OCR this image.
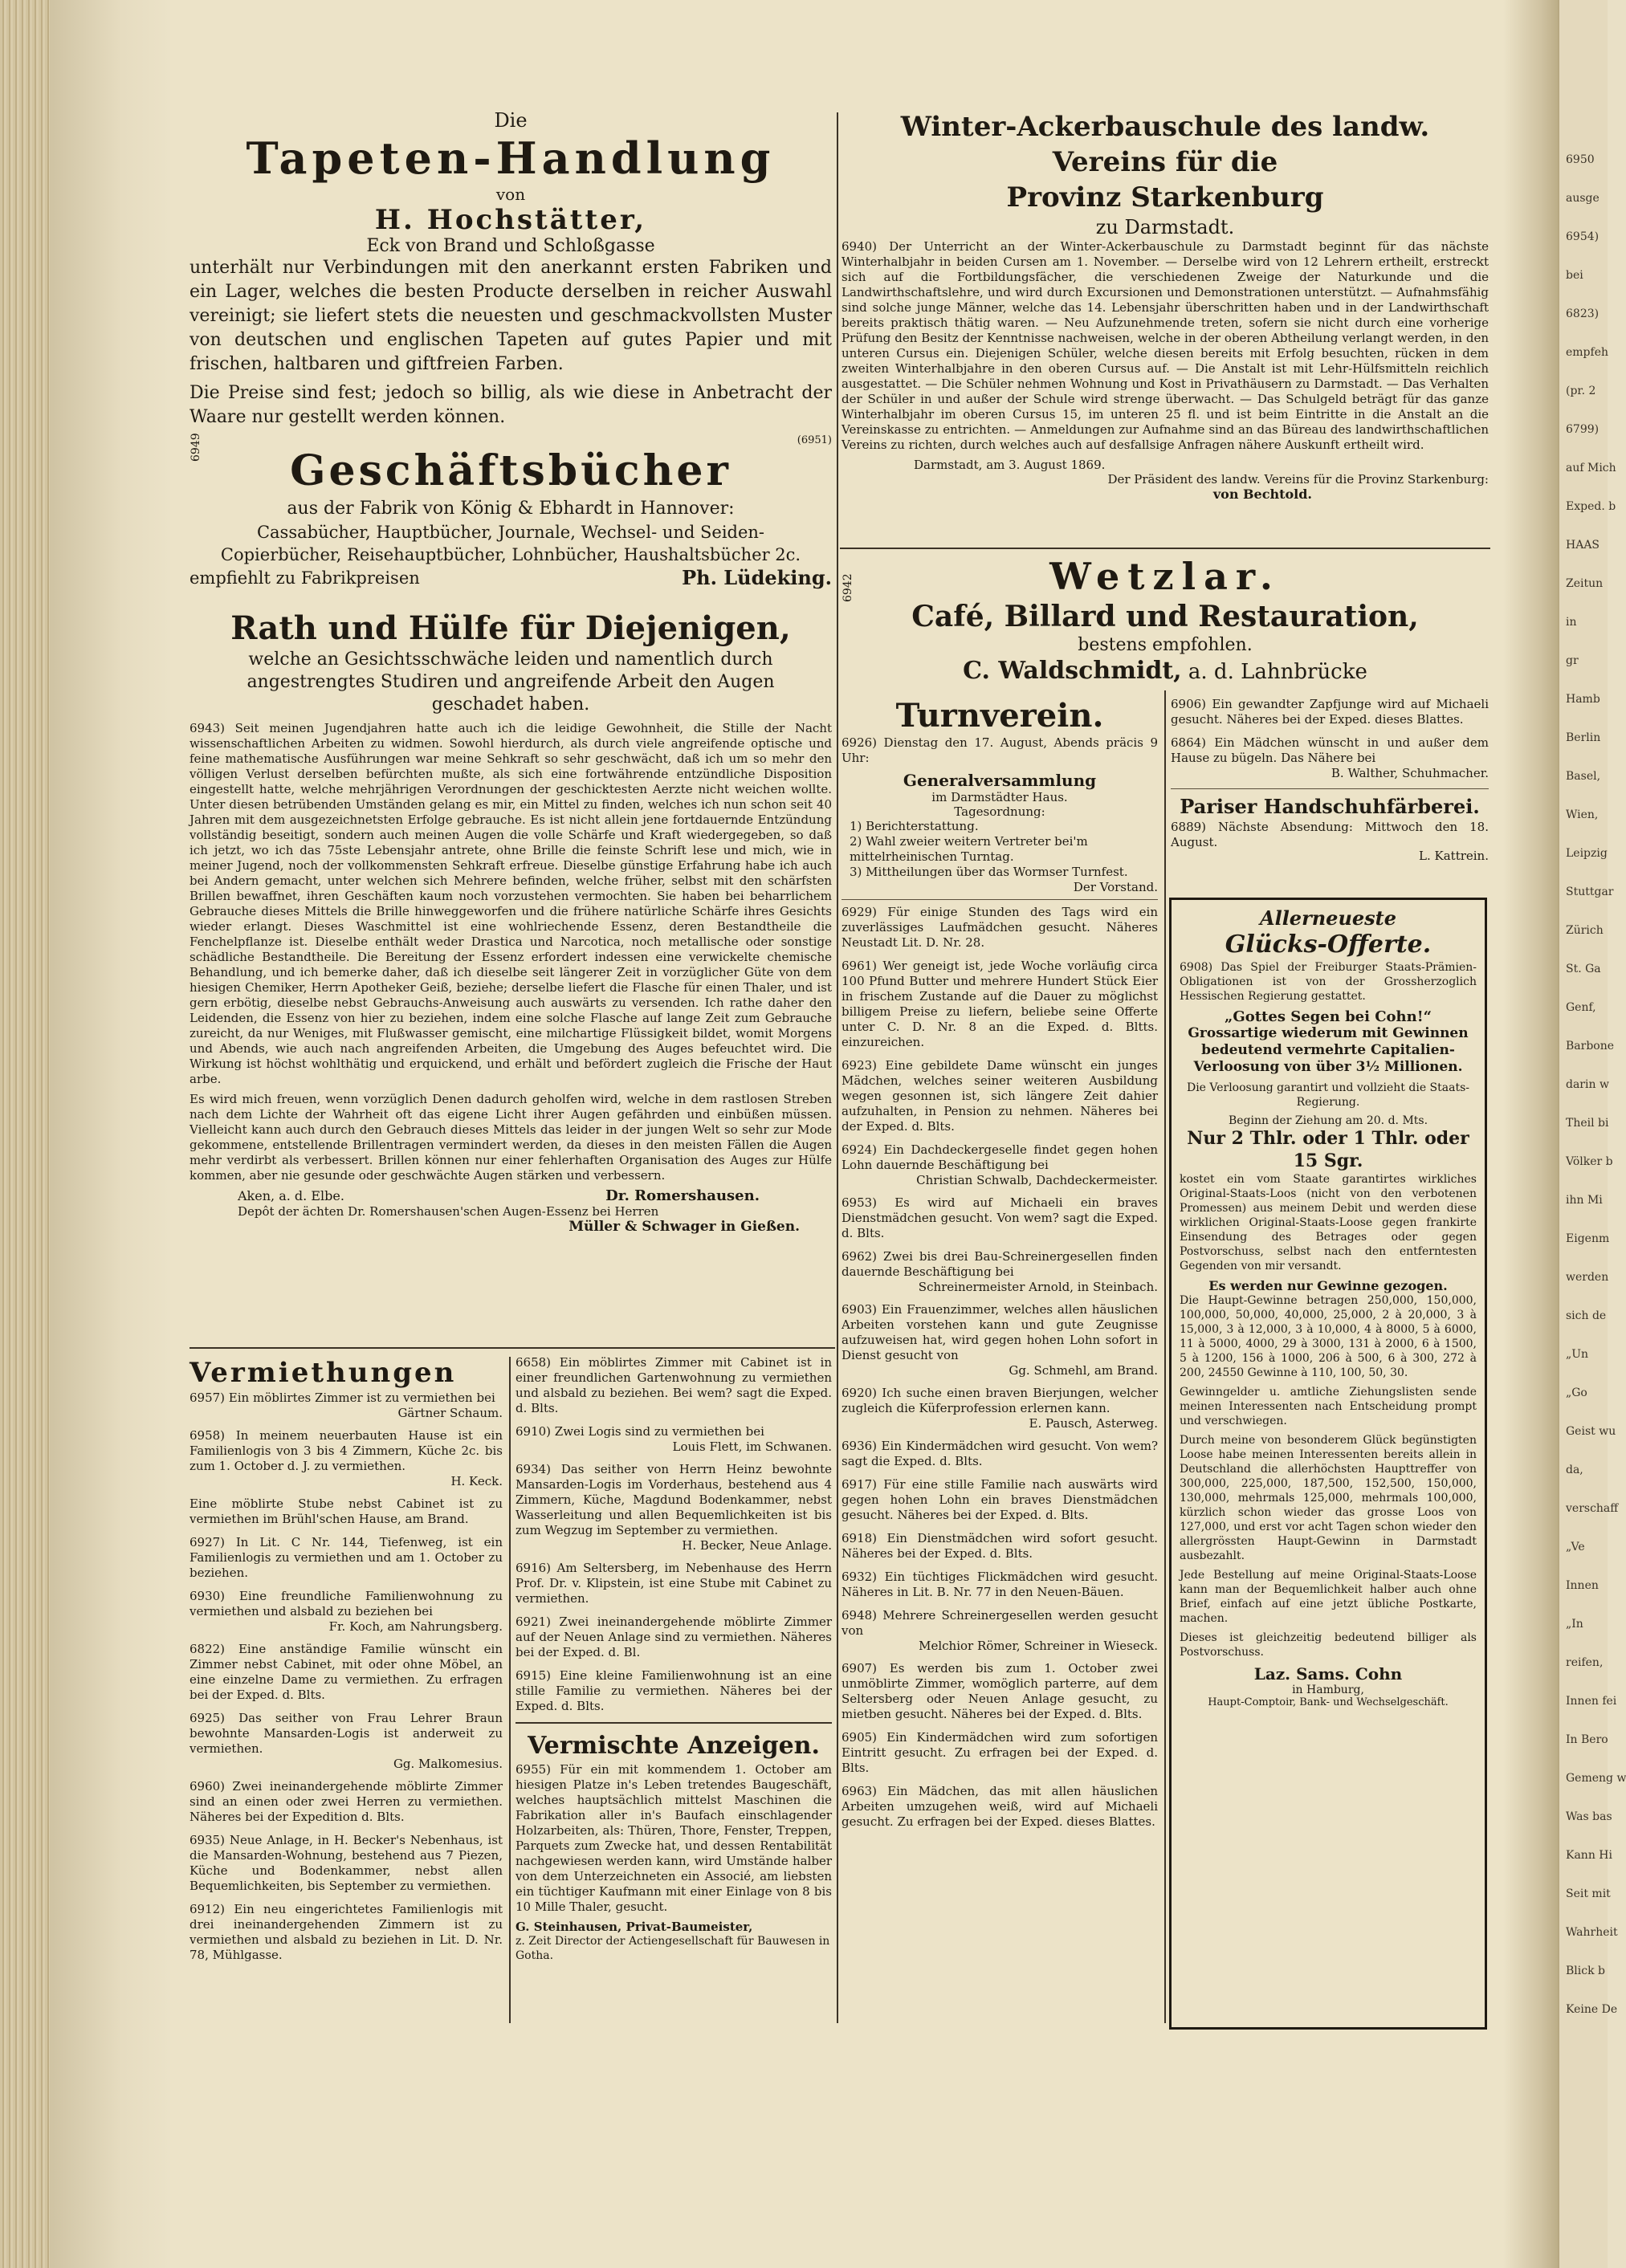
6950

ausge

6954)

bei

6823)

empfeh

(pr. 2

6799)

auf Mich

Exped. b

HAAS

Zeitun

in

gr

Hamb

Berlin

Basel,

Wien,

Leipzig

Stuttgar

Zürich

St. Ga

Genf,

Barbone

darin w

Theil bi

Völker b

ihn Mi

Eigenm

werden

sich de

„Un

„Go

Geist wu

da,

verschaff

„Ve

Innen

„In

reifen,

Innen fei

In Bero

Gemeng w

Was bas

Kann Hi

Seit mit

Wahrheit

Blick b

Keine De

Die
Tapeten-Handlung
von
H. Hochstätter,
Eck von Brand und Schloßgasse

unterhält nur Verbindungen mit den anerkannt ersten Fabriken und ein Lager, welches die besten Producte derselben in reicher Auswahl vereinigt; sie liefert stets die neuesten und geschmackvollsten Muster von deutschen und englischen Tapeten auf gutes Papier und mit frischen, haltbaren und giftfreien Farben.

Die Preise sind fest; jedoch so billig, als wie diese in Anbetracht der Waare nur gestellt werden können.

(6951)
6949	Geschäftsbücher
aus der Fabrik von König & Ebhardt in Hannover:
Cassabücher, Hauptbücher, Journale, Wechsel- und Seiden-Copierbücher, Reisehauptbücher, Lohnbücher, Haushaltsbücher 2c.
empfiehlt zu Fabrikpreisen	Ph. Lüdeking.
Rath und Hülfe für Diejenigen,
welche an Gesichtsschwäche leiden und namentlich durch angestrengtes Studiren und angreifende Arbeit den Augen geschadet haben.

6943) Seit meinen Jugendjahren hatte auch ich die leidige Gewohnheit, die Stille der Nacht wissenschaftlichen Arbeiten zu widmen. Sowohl hierdurch, als durch viele angreifende optische und feine mathematische Ausführungen war meine Sehkraft so sehr geschwächt, daß ich um so mehr den völligen Verlust derselben befürchten mußte, als sich eine fortwährende entzündliche Disposition eingestellt hatte, welche mehrjährigen Verordnungen der geschicktesten Aerzte nicht weichen wollte. Unter diesen betrübenden Umständen gelang es mir, ein Mittel zu finden, welches ich nun schon seit 40 Jahren mit dem ausgezeichnetsten Erfolge gebrauche. Es ist nicht allein jene fortdauernde Entzündung vollständig beseitigt, sondern auch meinen Augen die volle Schärfe und Kraft wiedergegeben, so daß ich jetzt, wo ich das 75ste Lebensjahr antrete, ohne Brille die feinste Schrift lese und mich, wie in meiner Jugend, noch der vollkommensten Sehkraft erfreue. Dieselbe günstige Erfahrung habe ich auch bei Andern gemacht, unter welchen sich Mehrere befinden, welche früher, selbst mit den schärfsten Brillen bewaffnet, ihren Geschäften kaum noch vorzustehen vermochten. Sie haben bei beharrlichem Gebrauche dieses Mittels die Brille hinweggeworfen und die frühere natürliche Schärfe ihres Gesichts wieder erlangt. Dieses Waschmittel ist eine wohlriechende Essenz, deren Bestandtheile die Fenchelpflanze ist. Dieselbe enthält weder Drastica und Narcotica, noch metallische oder sonstige schädliche Bestandtheile. Die Bereitung der Essenz erfordert indessen eine verwickelte chemische Behandlung, und ich bemerke daher, daß ich dieselbe seit längerer Zeit in vorzüglicher Güte von dem hiesigen Chemiker, Herrn Apotheker Geiß, beziehe; derselbe liefert die Flasche für einen Thaler, und ist gern erbötig, dieselbe nebst Gebrauchs-Anweisung auch auswärts zu versenden. Ich rathe daher den Leidenden, die Essenz von hier zu beziehen, indem eine solche Flasche auf lange Zeit zum Gebrauche zureicht, da nur Weniges, mit Flußwasser gemischt, eine milchartige Flüssigkeit bildet, womit Morgens und Abends, wie auch nach angreifenden Arbeiten, die Umgebung des Auges befeuchtet wird. Die Wirkung ist höchst wohlthätig und erquickend, und erhält und befördert zugleich die Frische der Haut arbe.

Es wird mich freuen, wenn vorzüglich Denen dadurch geholfen wird, welche in dem rastlosen Streben nach dem Lichte der Wahrheit oft das eigene Licht ihrer Augen gefährden und einbüßen müssen. Vielleicht kann auch durch den Gebrauch dieses Mittels das leider in der jungen Welt so sehr zur Mode gekommene, entstellende Brillentragen vermindert werden, da dieses in den meisten Fällen die Augen mehr verdirbt als verbessert. Brillen können nur einer fehlerhaften Organisation des Auges zur Hülfe kommen, aber nie gesunde oder geschwächte Augen stärken und verbessern.

Aken, a. d. Elbe.	Dr. Romershausen.
Depôt der ächten Dr. Romershausen'schen Augen-Essenz bei Herren
Müller & Schwager in Gießen.
Vermiethungen

6957) Ein möblirtes Zimmer ist zu vermiethen bei

Gärtner Schaum.

6958) In meinem neuerbauten Hause ist ein Familienlogis von 3 bis 4 Zimmern, Küche 2c. bis zum 1. October d. J. zu vermiethen.

H. Keck.

Eine möblirte Stube nebst Cabinet ist zu vermiethen im Brühl'schen Hause, am Brand.

6927) In Lit. C Nr. 144, Tiefenweg, ist ein Familienlogis zu vermiethen und am 1. October zu beziehen.

6930) Eine freundliche Familienwohnung zu vermiethen und alsbald zu beziehen bei

Fr. Koch, am Nahrungsberg.

6822) Eine anständige Familie wünscht ein Zimmer nebst Cabinet, mit oder ohne Möbel, an eine einzelne Dame zu vermiethen. Zu erfragen bei der Exped. d. Blts.

6925) Das seither von Frau Lehrer Braun bewohnte Mansarden-Logis ist anderweit zu vermiethen.

Gg. Malkomesius.

6960) Zwei ineinandergehende möblirte Zimmer sind an einen oder zwei Herren zu vermiethen. Näheres bei der Expedition d. Blts.

6935) Neue Anlage, in H. Becker's Nebenhaus, ist die Mansarden-Wohnung, bestehend aus 7 Piezen, Küche und Bodenkammer, nebst allen Bequemlichkeiten, bis September zu vermiethen.

6912) Ein neu eingerichtetes Familienlogis mit drei ineinandergehenden Zimmern ist zu vermiethen und alsbald zu beziehen in Lit. D. Nr. 78, Mühlgasse.

6658) Ein möblirtes Zimmer mit Cabinet ist in einer freundlichen Gartenwohnung zu vermiethen und alsbald zu beziehen. Bei wem? sagt die Exped. d. Blts.

6910) Zwei Logis sind zu vermiethen bei

Louis Flett, im Schwanen.

6934) Das seither von Herrn Heinz bewohnte Mansarden-Logis im Vorderhaus, bestehend aus 4 Zimmern, Küche, Magdund Bodenkammer, nebst Wasserleitung und allen Bequemlichkeiten ist bis zum Wegzug im September zu vermiethen.

H. Becker, Neue Anlage.

6916) Am Seltersberg, im Nebenhause des Herrn Prof. Dr. v. Klipstein, ist eine Stube mit Cabinet zu vermiethen.

6921) Zwei ineinandergehende möblirte Zimmer auf der Neuen Anlage sind zu vermiethen. Näheres bei der Exped. d. Bl.

6915) Eine kleine Familienwohnung ist an eine stille Familie zu vermiethen. Näheres bei der Exped. d. Blts.

Vermischte Anzeigen.

6955) Für ein mit kommendem 1. October am hiesigen Platze in's Leben tretendes Baugeschäft, welches hauptsächlich mittelst Maschinen die Fabrikation aller in's Baufach einschlagender Holzarbeiten, als: Thüren, Thore, Fenster, Treppen, Parquets zum Zwecke hat, und dessen Rentabilität nachgewiesen werden kann, wird Umstände halber von dem Unterzeichneten ein Associé, am liebsten ein tüchtiger Kaufmann mit einer Einlage von 8 bis 10 Mille Thaler, gesucht.

G. Steinhausen, Privat-Baumeister,
z. Zeit Director der Actiengesellschaft für Bauwesen in Gotha.
Winter-Ackerbauschule des landw. Vereins für die
Provinz Starkenburg
zu Darmstadt.

6940) Der Unterricht an der Winter-Ackerbauschule zu Darmstadt beginnt für das nächste Winterhalbjahr in beiden Cursen am 1. November. — Derselbe wird von 12 Lehrern ertheilt, erstreckt sich auf die Fortbildungsfächer, die verschiedenen Zweige der Naturkunde und die Landwirthschaftslehre, und wird durch Excursionen und Demonstrationen unterstützt. — Aufnahmsfähig sind solche junge Männer, welche das 14. Lebensjahr überschritten haben und in der Landwirthschaft bereits praktisch thätig waren. — Neu Aufzunehmende treten, sofern sie nicht durch eine vorherige Prüfung den Besitz der Kenntnisse nachweisen, welche in der oberen Abtheilung verlangt werden, in den unteren Cursus ein. Diejenigen Schüler, welche diesen bereits mit Erfolg besuchten, rücken in dem zweiten Winterhalbjahre in den oberen Cursus auf. — Die Anstalt ist mit Lehr-Hülfsmitteln reichlich ausgestattet. — Die Schüler nehmen Wohnung und Kost in Privathäusern zu Darmstadt. — Das Verhalten der Schüler in und außer der Schule wird strenge überwacht. — Das Schulgeld beträgt für das ganze Winterhalbjahr im oberen Cursus 15, im unteren 25 fl. und ist beim Eintritte in die Anstalt an die Vereinskasse zu entrichten. — Anmeldungen zur Aufnahme sind an das Büreau des landwirthschaftlichen Vereins zu richten, durch welches auch auf desfallsige Anfragen nähere Auskunft ertheilt wird.

Darmstadt, am 3. August 1869.
Der Präsident des landw. Vereins für die Provinz Starkenburg:
von Bechtold.
6942	Wetzlar.
Café, Billard und Restauration,
bestens empfohlen.
C. Waldschmidt, a. d. Lahnbrücke
Turnverein.

6926) Dienstag den 17. August, Abends präcis 9 Uhr:

Generalversammlung
im Darmstädter Haus.
Tagesordnung:
1) Berichterstattung.
2) Wahl zweier weitern Vertreter bei'm mittelrheinischen Turntag.
3) Mittheilungen über das Wormser Turnfest.
Der Vorstand.

6929) Für einige Stunden des Tags wird ein zuverlässiges Laufmädchen gesucht. Näheres Neustadt Lit. D. Nr. 28.

6961) Wer geneigt ist, jede Woche vorläufig circa 100 Pfund Butter und mehrere Hundert Stück Eier in frischem Zustande auf die Dauer zu möglichst billigem Preise zu liefern, beliebe seine Offerte unter C. D. Nr. 8 an die Exped. d. Bltts. einzureichen.

6923) Eine gebildete Dame wünscht ein junges Mädchen, welches seiner weiteren Ausbildung wegen gesonnen ist, sich längere Zeit dahier aufzuhalten, in Pension zu nehmen. Näheres bei der Exped. d. Blts.

6924) Ein Dachdeckergeselle findet gegen hohen Lohn dauernde Beschäftigung bei

Christian Schwalb, Dachdeckermeister.

6953) Es wird auf Michaeli ein braves Dienstmädchen gesucht. Von wem? sagt die Exped. d. Blts.

6962) Zwei bis drei Bau-Schreinergesellen finden dauernde Beschäftigung bei

Schreinermeister Arnold, in Steinbach.

6903) Ein Frauenzimmer, welches allen häuslichen Arbeiten vorstehen kann und gute Zeugnisse aufzuweisen hat, wird gegen hohen Lohn sofort in Dienst gesucht von

Gg. Schmehl, am Brand.

6920) Ich suche einen braven Bierjungen, welcher zugleich die Küferprofession erlernen kann.

E. Pausch, Asterweg.

6936) Ein Kindermädchen wird gesucht. Von wem? sagt die Exped. d. Blts.

6917) Für eine stille Familie nach auswärts wird gegen hohen Lohn ein braves Dienstmädchen gesucht. Näheres bei der Exped. d. Blts.

6918) Ein Dienstmädchen wird sofort gesucht. Näheres bei der Exped. d. Blts.

6932) Ein tüchtiges Flickmädchen wird gesucht. Näheres in Lit. B. Nr. 77 in den Neuen-Bäuen.

6948) Mehrere Schreinergesellen werden gesucht von

Melchior Römer, Schreiner in Wieseck.

6907) Es werden bis zum 1. October zwei unmöblirte Zimmer, womöglich parterre, auf dem Seltersberg oder Neuen Anlage gesucht, zu mietben gesucht. Näheres bei der Exped. d. Blts.

6905) Ein Kindermädchen wird zum sofortigen Eintritt gesucht. Zu erfragen bei der Exped. d. Blts.

6963) Ein Mädchen, das mit allen häuslichen Arbeiten umzugehen weiß, wird auf Michaeli gesucht. Zu erfragen bei der Exped. dieses Blattes.

6906) Ein gewandter Zapfjunge wird auf Michaeli gesucht. Näheres bei der Exped. dieses Blattes.

6864) Ein Mädchen wünscht in und außer dem Hause zu bügeln. Das Nähere bei

B. Walther, Schuhmacher.
Pariser Handschuhfärberei.

6889) Nächste Absendung: Mittwoch den 18. August.

L. Kattrein.
Allerneueste
Glücks-Offerte.

6908) Das Spiel der Freiburger Staats-Prämien-Obligationen ist von der Grossherzoglich Hessischen Regierung gestattet.

„Gottes Segen bei Cohn!“

Grossartige wiederum mit Gewinnen bedeutend vermehrte Capitalien-Verloosung von über 3½ Millionen.

Die Verloosung garantirt und vollzieht die Staats-Regierung.

Beginn der Ziehung am 20. d. Mts.
Nur 2 Thlr. oder 1 Thlr. oder 15 Sgr.

kostet ein vom Staate garantirtes wirkliches Original-Staats-Loos (nicht von den verbotenen Promessen) aus meinem Debit und werden diese wirklichen Original-Staats-Loose gegen frankirte Einsendung des Betrages oder gegen Postvorschuss, selbst nach den entferntesten Gegenden von mir versandt.

Es werden nur Gewinne gezogen.

Die Haupt-Gewinne betragen 250,000, 150,000, 100,000, 50,000, 40,000, 25,000, 2 à 20,000, 3 à 15,000, 3 à 12,000, 3 à 10,000, 4 à 8000, 5 à 6000, 11 à 5000, 4000, 29 à 3000, 131 à 2000, 6 à 1500, 5 à 1200, 156 à 1000, 206 à 500, 6 à 300, 272 à 200, 24550 Gewinne à 110, 100, 50, 30.

Gewinngelder u. amtliche Ziehungslisten sende meinen Interessenten nach Entscheidung prompt und verschwiegen.

Durch meine von besonderem Glück begünstigten Loose habe meinen Interessenten bereits allein in Deutschland die allerhöchsten Haupttreffer von 300,000, 225,000, 187,500, 152,500, 150,000, 130,000, mehrmals 125,000, mehrmals 100,000, kürzlich schon wieder das grosse Loos von 127,000, und erst vor acht Tagen schon wieder den allergrössten Haupt-Gewinn in Darmstadt ausbezahlt.

Jede Bestellung auf meine Original-Staats-Loose kann man der Bequemlichkeit halber auch ohne Brief, einfach auf eine jetzt übliche Postkarte, machen.

Dieses ist gleichzeitig bedeutend billiger als Postvorschuss.

Laz. Sams. Cohn
in Hamburg,
Haupt-Comptoir, Bank- und Wechselgeschäft.
